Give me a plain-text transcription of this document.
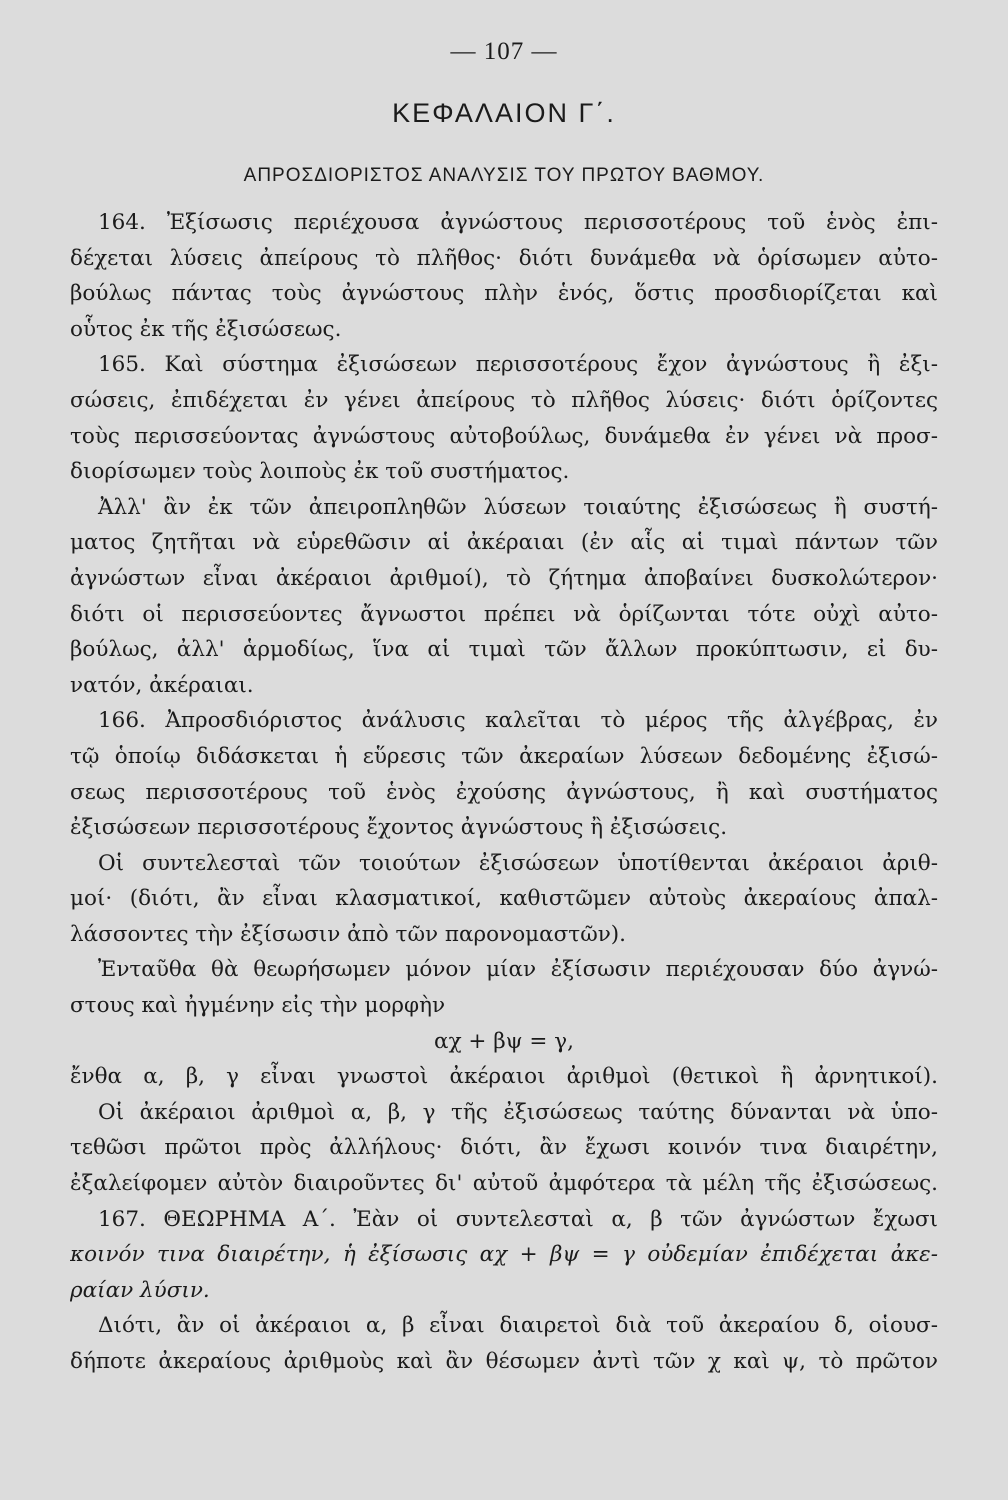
— 107 —
ΚΕΦΑΛΑΙΟΝ Γ΄.
ΑΠΡΟΣΔΙΟΡΙΣΤΟΣ ΑΝΑΛΥΣΙΣ ΤΟΥ ΠΡΩΤΟΥ ΒΑΘΜΟΥ.
164. Ἐξίσωσις περιέχουσα ἀγνώστους περισσοτέρους τοῦ ἑνὸς ἐπι-
δέχεται λύσεις ἀπείρους τὸ πλῆθος· διότι δυνάμεθα νὰ ὁρίσωμεν αὐτο-
βούλως πάντας τοὺς ἀγνώστους πλὴν ἑνός, ὅστις προσδιορίζεται καὶ
οὗτος ἐκ τῆς ἐξισώσεως.
165. Καὶ σύστημα ἐξισώσεων περισσοτέρους ἔχον ἀγνώστους ἢ ἐξι-
σώσεις, ἐπιδέχεται ἐν γένει ἀπείρους τὸ πλῆθος λύσεις· διότι ὁρίζοντες
τοὺς περισσεύοντας ἀγνώστους αὐτοβούλως, δυνάμεθα ἐν γένει νὰ προσ-
διορίσωμεν τοὺς λοιποὺς ἐκ τοῦ συστήματος.
Ἀλλ' ἂν ἐκ τῶν ἀπειροπληθῶν λύσεων τοιαύτης ἐξισώσεως ἢ συστή-
ματος ζητῆται νὰ εὑρεθῶσιν αἱ ἀκέραιαι (ἐν αἷς αἱ τιμαὶ πάντων τῶν
ἀγνώστων εἶναι ἀκέραιοι ἀριθμοί), τὸ ζήτημα ἀποβαίνει δυσκολώτερον·
διότι οἱ περισσεύοντες ἄγνωστοι πρέπει νὰ ὁρίζωνται τότε οὐχὶ αὐτο-
βούλως, ἀλλ' ἁρμοδίως, ἵνα αἱ τιμαὶ τῶν ἄλλων προκύπτωσιν, εἰ δυ-
νατόν, ἀκέραιαι.
166. Ἀπροσδιόριστος ἀνάλυσις καλεῖται τὸ μέρος τῆς ἀλγέβρας, ἐν
τῷ ὁποίῳ διδάσκεται ἡ εὕρεσις τῶν ἀκεραίων λύσεων δεδομένης ἐξισώ-
σεως περισσοτέρους τοῦ ἑνὸς ἐχούσης ἀγνώστους, ἢ καὶ συστήματος
ἐξισώσεων περισσοτέρους ἔχοντος ἀγνώστους ἢ ἐξισώσεις.
Οἱ συντελεσταὶ τῶν τοιούτων ἐξισώσεων ὑποτίθενται ἀκέραιοι ἀριθ-
μοί· (διότι, ἂν εἶναι κλασματικοί, καθιστῶμεν αὐτοὺς ἀκεραίους ἀπαλ-
λάσσοντες τὴν ἐξίσωσιν ἀπὸ τῶν παρονομαστῶν).
Ἐνταῦθα θὰ θεωρήσωμεν μόνον μίαν ἐξίσωσιν περιέχουσαν δύο ἀγνώ-
στους καὶ ἠγμένην εἰς τὴν μορφὴν
αχ + βψ = γ,
ἔνθα α, β, γ εἶναι γνωστοὶ ἀκέραιοι ἀριθμοὶ (θετικοὶ ἢ ἀρνητικοί).
Οἱ ἀκέραιοι ἀριθμοὶ α, β, γ τῆς ἐξισώσεως ταύτης δύνανται νὰ ὑπο-
τεθῶσι πρῶτοι πρὸς ἀλλήλους· διότι, ἂν ἔχωσι κοινόν τινα διαιρέτην,
ἐξαλείφομεν αὐτὸν διαιροῦντες δι' αὐτοῦ ἀμφότερα τὰ μέλη τῆς ἐξισώσεως.
167. ΘΕΩΡΗΜΑ Α΄. Ἐὰν οἱ συντελεσταὶ α, β τῶν ἀγνώστων ἔχωσι
κοινόν τινα διαιρέτην, ἡ ἐξίσωσις αχ + βψ = γ οὐδεμίαν ἐπιδέχεται ἀκε-
ραίαν λύσιν.
Διότι, ἂν οἱ ἀκέραιοι α, β εἶναι διαιρετοὶ διὰ τοῦ ἀκεραίου δ, οἱουσ-
δήποτε ἀκεραίους ἀριθμοὺς καὶ ἂν θέσωμεν ἀντὶ τῶν χ καὶ ψ, τὸ πρῶτον
